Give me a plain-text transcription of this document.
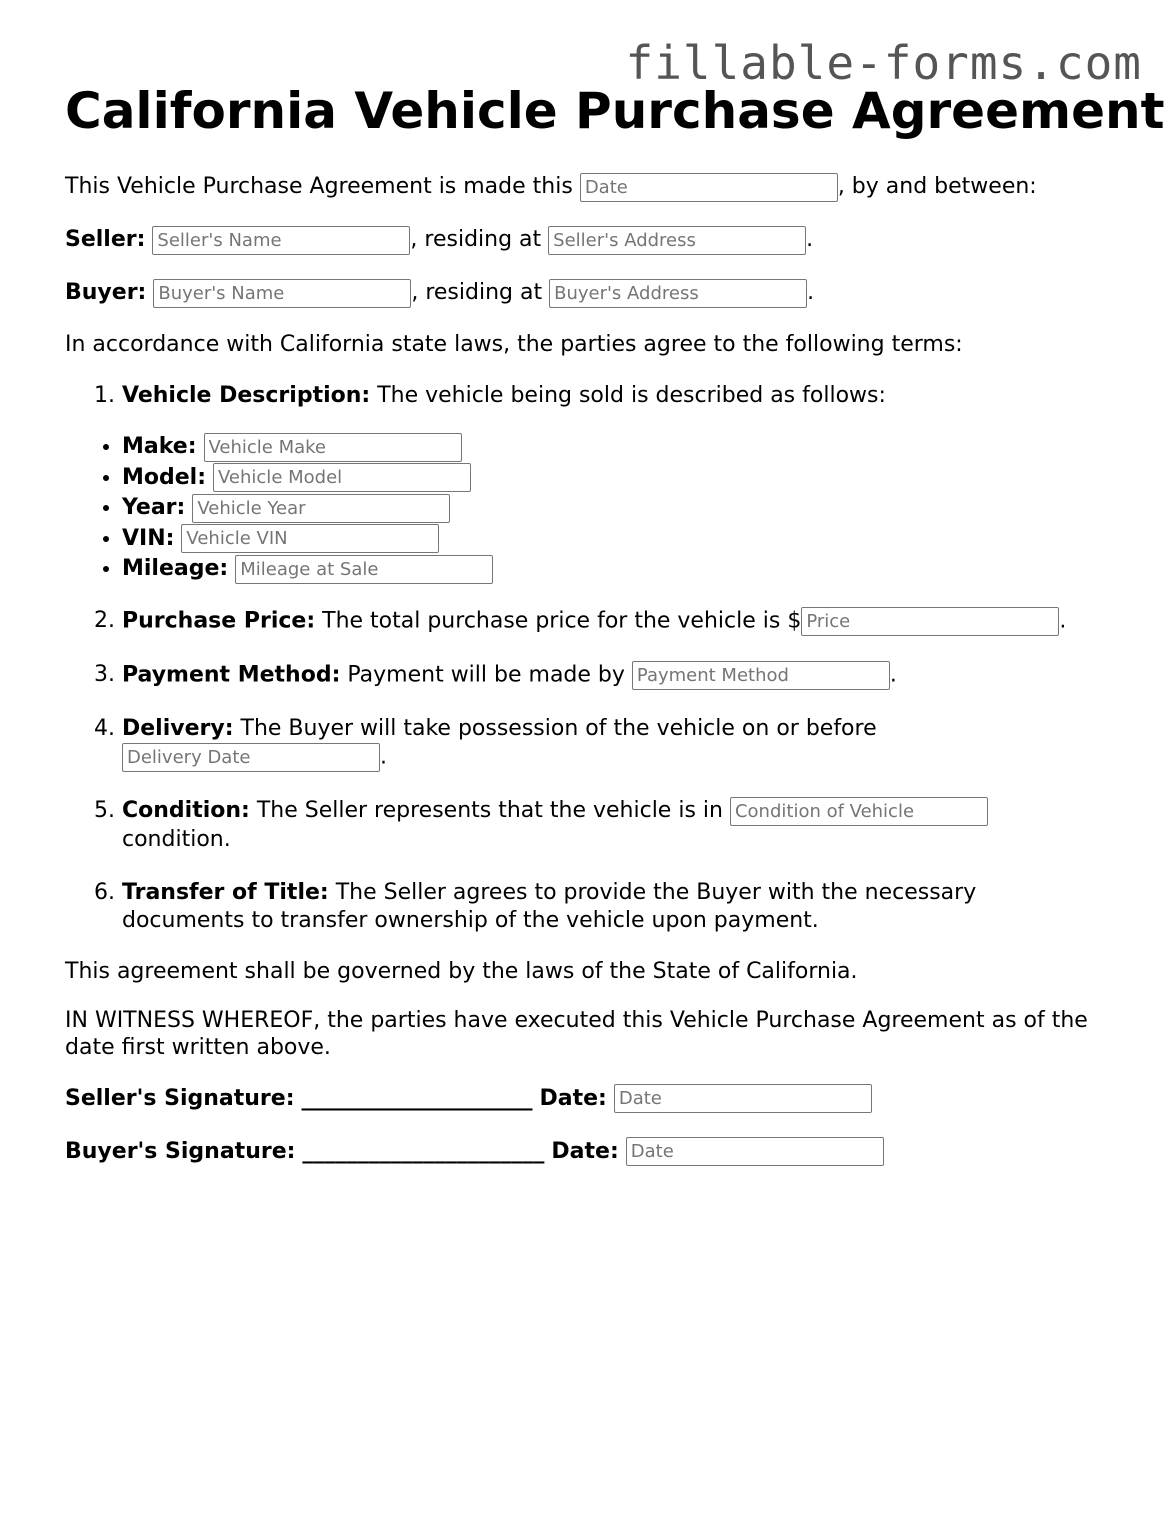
fillable-forms.com
California Vehicle Purchase Agreement
This Vehicle Purchase Agreement is made this Date	, by and between:
Seller: Seller's Name	, residing at Seller's Address	.
Buyer: Buyer's Name	, residing at Buyer's Address	.
In accordance with California state laws, the parties agree to the following terms:
1. Vehicle Description: The vehicle being sold is described as follows:
• Make: Vehicle Make
• Model: Vehicle Model
• Year: Vehicle Year
• VIN: Vehicle VIN
• Mileage: Mileage at Sale
2. Purchase Price: The total purchase price for the vehicle is $Price	.
3. Payment Method: Payment will be made by Payment Method	.
4. Delivery: The Buyer will take possession of the vehicle on or before
Delivery Date.
5. Condition: The Seller represents that the vehicle is in Condition of Vehicle
condition.
6. Transfer of Title: The Seller agrees to provide the Buyer with the necessary documents to transfer ownership of the vehicle upon payment.
This agreement shall be governed by the laws of the State of California.
IN WITNESS WHEREOF, the parties have executed this Vehicle Purchase Agreement as of the date first written above.
Seller's Signature: _____________________ Date: Date
Buyer's Signature: ______________________ Date: Date
